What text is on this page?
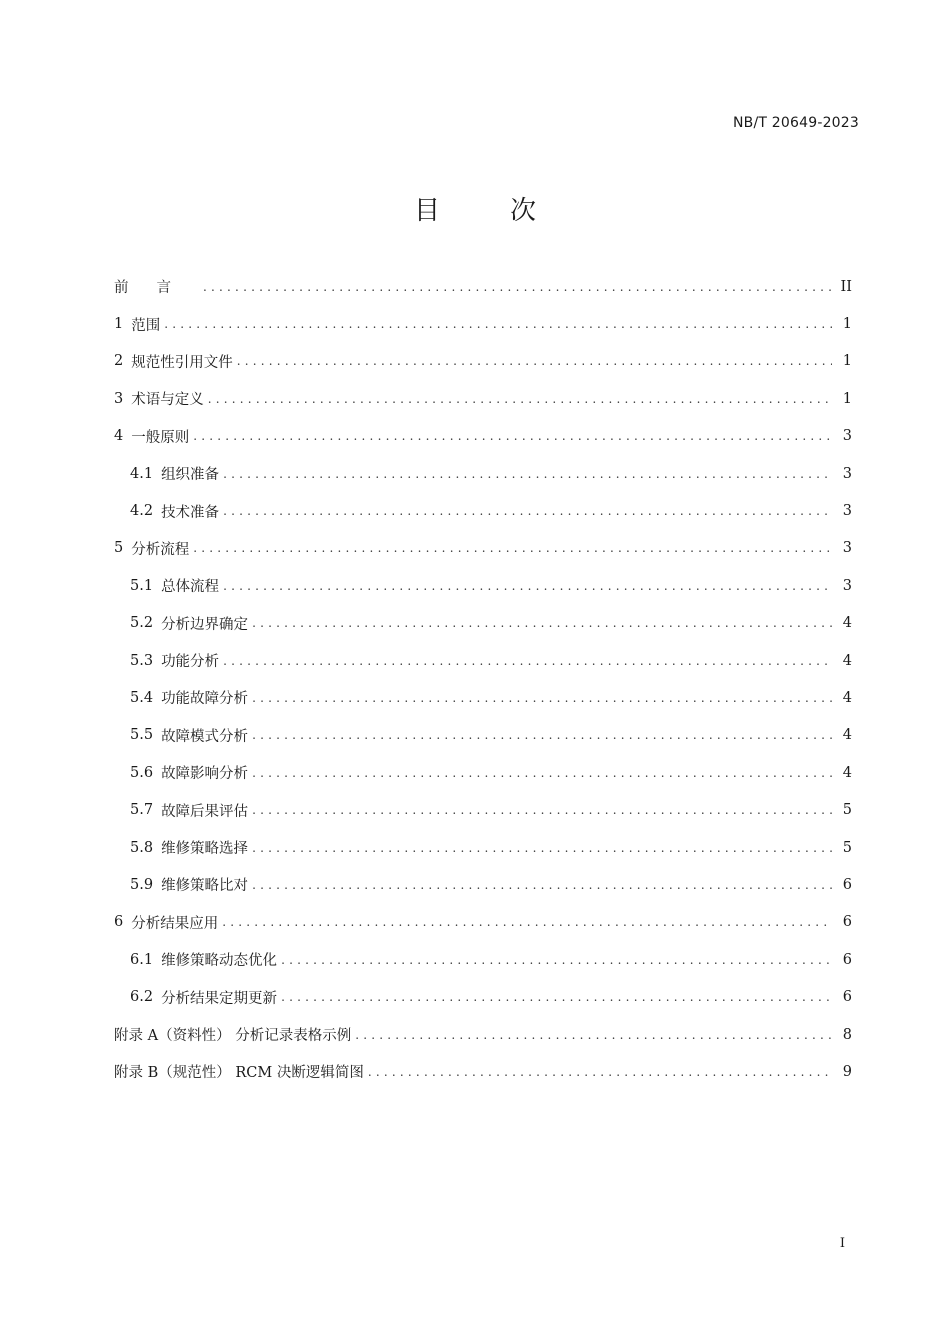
NB/T 20649-2023
目　次
前言 .....	II
1 范围 .....	1
2 规范性引用文件 .....	1
3 术语与定义 .....	1
4 一般原则 .....	3
4.1 组织准备 .....	3
4.2 技术准备 .....	3
5 分析流程 .....	3
5.1 总体流程 .....	3
5.2 分析边界确定 .....	4
5.3 功能分析 .....	4
5.4 功能故障分析 .....	4
5.5 故障模式分析 .....	4
5.6 故障影响分析 .....	4
5.7 故障后果评估 .....	5
5.8 维修策略选择 .....	5
5.9 维修策略比对 .....	6
6 分析结果应用 .....	6
6.1 维修策略动态优化 .....	6
6.2 分析结果定期更新 .....	6
附录 A（资料性） 分析记录表格示例 .....	8
附录 B（规范性） RCM 决断逻辑简图 .....	9
I
